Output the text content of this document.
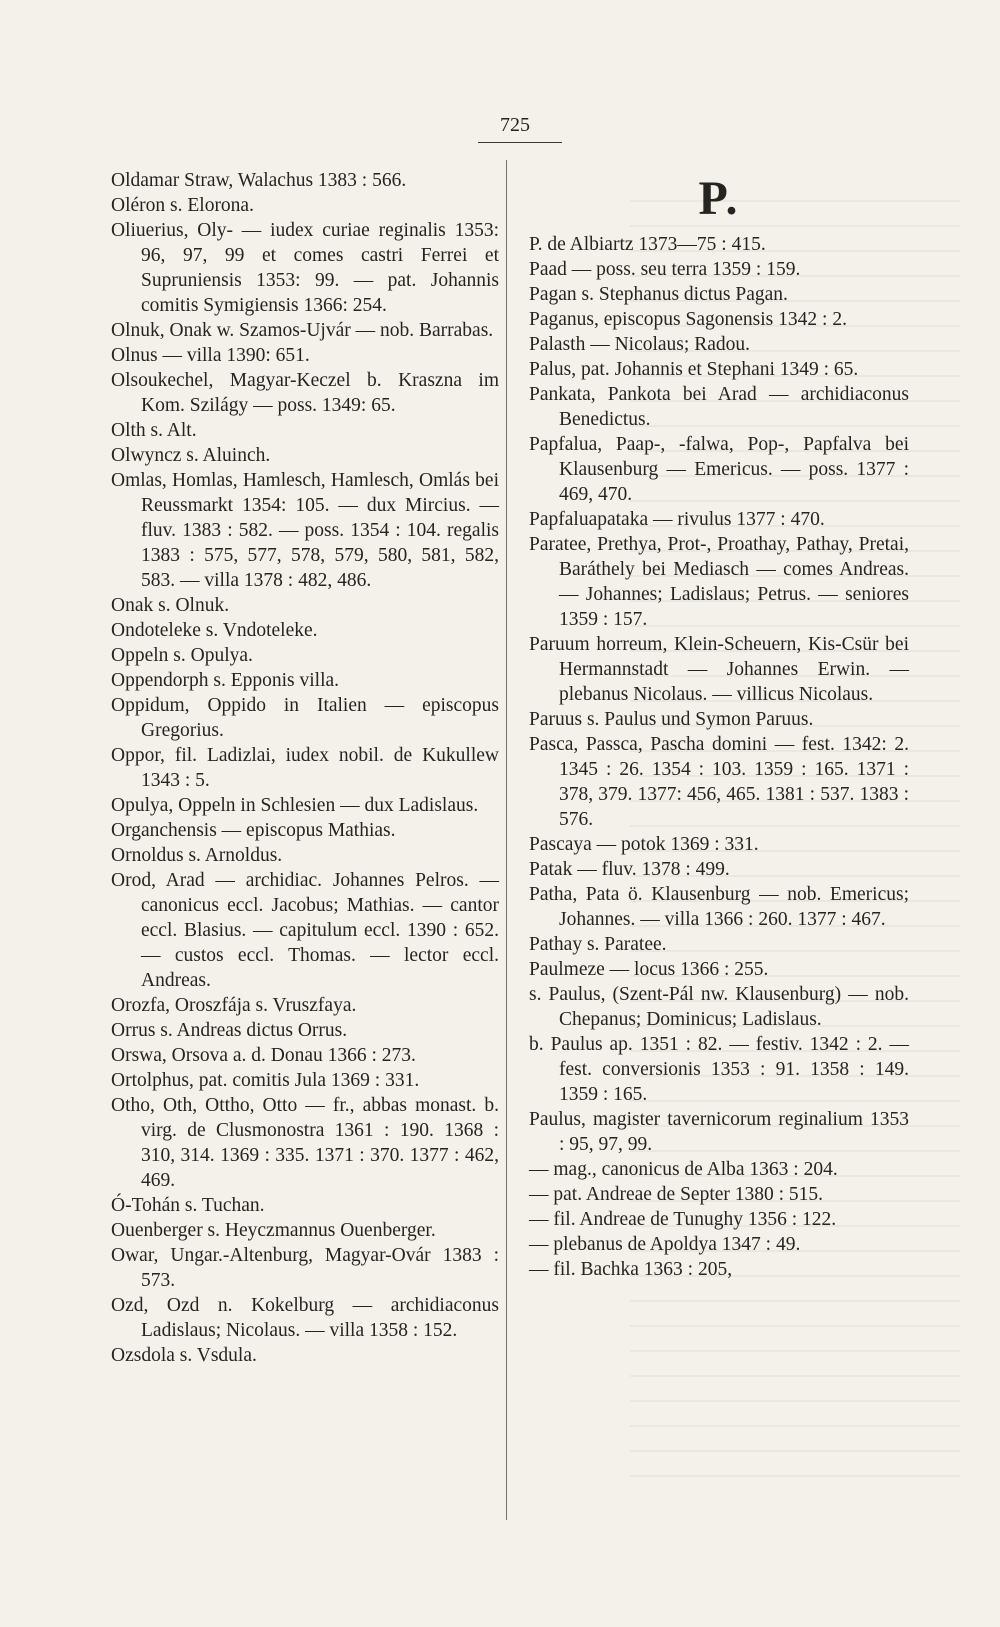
725

Oldamar Straw, Walachus 1383 : 566.

Oléron s. Elorona.

Oliuerius, Oly- — iudex curiae reginalis 1353: 96, 97, 99 et comes castri Ferrei et Supruniensis 1353: 99. — pat. Johannis comitis Symigiensis 1366: 254.

Olnuk, Onak w. Szamos-Ujvár — nob. Barrabas.

Olnus — villa 1390: 651.

Olsoukechel, Magyar-Keczel b. Kraszna im Kom. Szilágy — poss. 1349: 65.

Olth s. Alt.

Olwyncz s. Aluinch.

Omlas, Homlas, Hamlesch, Hamlesch, Omlás bei Reussmarkt 1354: 105. — dux Mircius. — fluv. 1383 : 582. — poss. 1354 : 104. regalis 1383 : 575, 577, 578, 579, 580, 581, 582, 583. — villa 1378 : 482, 486.

Onak s. Olnuk.

Ondoteleke s. Vndoteleke.

Oppeln s. Opulya.

Oppendorph s. Epponis villa.

Oppidum, Oppido in Italien — episcopus Gregorius.

Oppor, fil. Ladizlai, iudex nobil. de Kukullew 1343 : 5.

Opulya, Oppeln in Schlesien — dux Ladislaus.

Organchensis — episcopus Mathias.

Ornoldus s. Arnoldus.

Orod, Arad — archidiac. Johannes Pelros. — canonicus eccl. Jacobus; Mathias. — cantor eccl. Blasius. — capitulum eccl. 1390 : 652. — custos eccl. Thomas. — lector eccl. Andreas.

Orozfa, Oroszfája s. Vruszfaya.

Orrus s. Andreas dictus Orrus.

Orswa, Orsova a. d. Donau 1366 : 273.

Ortolphus, pat. comitis Jula 1369 : 331.

Otho, Oth, Ottho, Otto — fr., abbas monast. b. virg. de Clusmonostra 1361 : 190. 1368 : 310, 314. 1369 : 335. 1371 : 370. 1377 : 462, 469.

Ó-Tohán s. Tuchan.

Ouenberger s. Heyczmannus Ouenberger.

Owar, Ungar.-Altenburg, Magyar-Ovár 1383 : 573.

Ozd, Ozd n. Kokelburg — archidiaconus Ladislaus; Nicolaus. — villa 1358 : 152.

Ozsdola s. Vsdula.

P.

P. de Albiartz 1373—75 : 415.

Paad — poss. seu terra 1359 : 159.

Pagan s. Stephanus dictus Pagan.

Paganus, episcopus Sagonensis 1342 : 2.

Palasth — Nicolaus; Radou.

Palus, pat. Johannis et Stephani 1349 : 65.

Pankata, Pankota bei Arad — archidiaconus Benedictus.

Papfalua, Paap-, -falwa, Pop-, Papfalva bei Klausenburg — Emericus. — poss. 1377 : 469, 470.

Papfaluapataka — rivulus 1377 : 470.

Paratee, Prethya, Prot-, Proathay, Pathay, Pretai, Baráthely bei Mediasch — comes Andreas. — Johannes; Ladislaus; Petrus. — seniores 1359 : 157.

Paruum horreum, Klein-Scheuern, Kis-Csür bei Hermannstadt — Johannes Erwin. — plebanus Nicolaus. — villicus Nicolaus.

Paruus s. Paulus und Symon Paruus.

Pasca, Passca, Pascha domini — fest. 1342: 2. 1345 : 26. 1354 : 103. 1359 : 165. 1371 : 378, 379. 1377: 456, 465. 1381 : 537. 1383 : 576.

Pascaya — potok 1369 : 331.

Patak — fluv. 1378 : 499.

Patha, Pata ö. Klausenburg — nob. Emericus; Johannes. — villa 1366 : 260. 1377 : 467.

Pathay s. Paratee.

Paulmeze — locus 1366 : 255.

s. Paulus, (Szent-Pál nw. Klausenburg) — nob. Chepanus; Dominicus; Ladislaus.

b. Paulus ap. 1351 : 82. — festiv. 1342 : 2. — fest. conversionis 1353 : 91. 1358 : 149. 1359 : 165.

Paulus, magister tavernicorum reginalium 1353 : 95, 97, 99.

— mag., canonicus de Alba 1363 : 204.

— pat. Andreae de Septer 1380 : 515.

— fil. Andreae de Tunughy 1356 : 122.

— plebanus de Apoldya 1347 : 49.

— fil. Bachka 1363 : 205,
